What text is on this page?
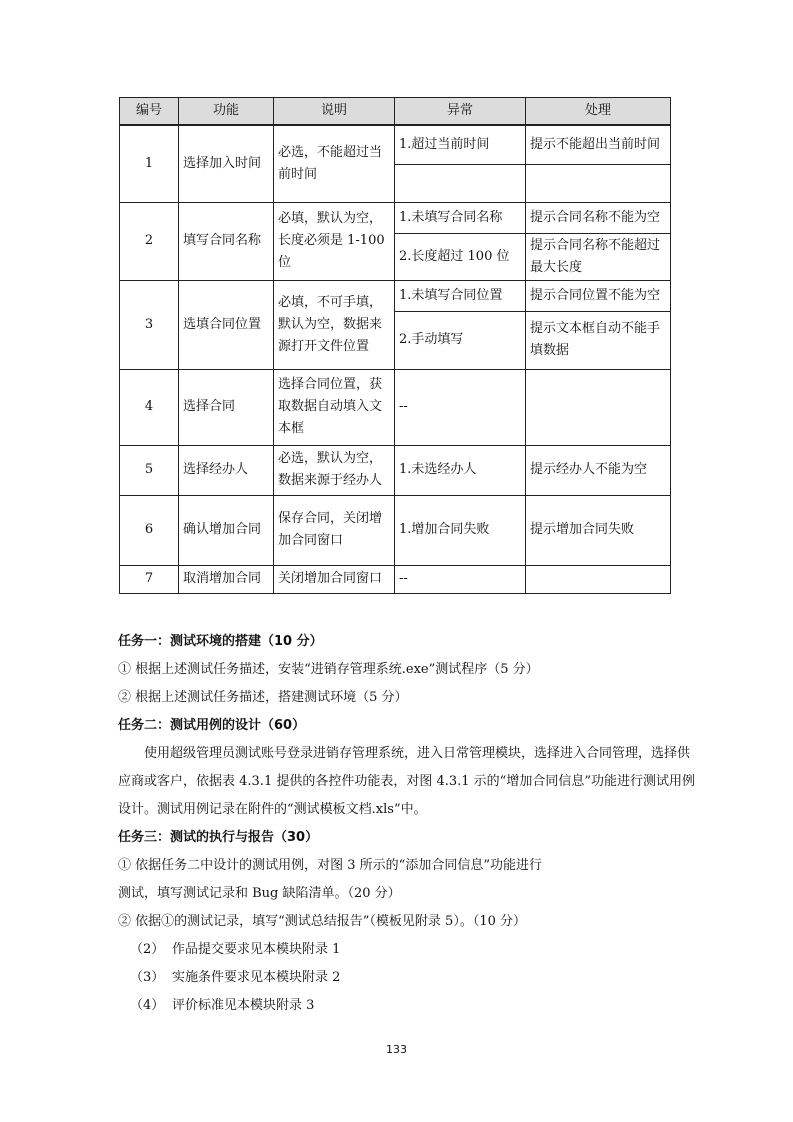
编号	功能	说明	异常	处理
1	选择加入时间	必选，不能超过当前时间	1.超过当前时间	提示不能超出当前时间

2	填写合同名称	必填，默认为空，长度必须是 1-100 位	1.未填写合同名称	提示合同名称不能为空
			2.长度超过 100 位	提示合同名称不能超过最大长度
3	选填合同位置	必填，不可手填，默认为空，数据来源打开文件位置	1.未填写合同位置	提示合同位置不能为空
			2.手动填写	提示文本框自动不能手填数据
4	选择合同	选择合同位置，获取数据自动填入文本框	--	
5	选择经办人	必选，默认为空，数据来源于经办人	1.未选经办人	提示经办人不能为空
6	确认增加合同	保存合同，关闭增加合同窗口	1.增加合同失败	提示增加合同失败
7	取消增加合同	关闭增加合同窗口	--	

任务一：测试环境的搭建（10 分）

① 根据上述测试任务描述，安装“进销存管理系统.exe”测试程序（5 分）

② 根据上述测试任务描述，搭建测试环境（5 分）

任务二：测试用例的设计（60）

使用超级管理员测试账号登录进销存管理系统，进入日常管理模块，选择进入合同管理，选择供应商或客户，依据表 4.3.1 提供的各控件功能表，对图 4.3.1 示的“增加合同信息”功能进行测试用例设计。测试用例记录在附件的“测试模板文档.xls”中。

任务三：测试的执行与报告（30）

① 依据任务二中设计的测试用例，对图 3 所示的“添加合同信息”功能进行

测试，填写测试记录和 Bug 缺陷清单。（20 分）

② 依据①的测试记录，填写“测试总结报告”（模板见附录 5）。（10 分）

（2） 作品提交要求见本模块附录 1

（3） 实施条件要求见本模块附录 2

（4） 评价标准见本模块附录 3

133
